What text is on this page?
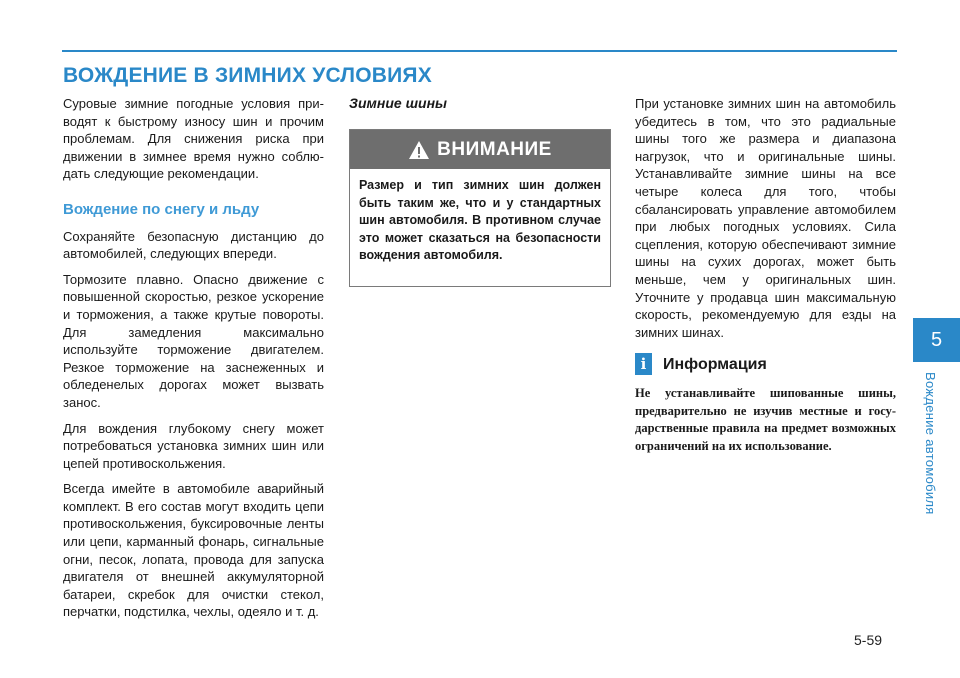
ВОЖДЕНИЕ В ЗИМНИХ УСЛОВИЯХ

Суровые зимние погодные условия приводят к быстрому износу шин и прочим проблемам. Для снижения риска при движении в зимнее время нужно соблюдать следующие рекомендации.

Вождение по снегу и льду

Сохраняйте безопасную дистанцию до автомобилей, следующих впереди.

Тормозите плавно. Опасно движение с повышенной скоростью, резкое ускорение и торможения, а также крутые повороты. Для замедления максимально используйте торможение двигателем. Резкое торможение на заснеженных и обледенелых дорогах может вызвать занос.

Для вождения глубокому снегу может потребоваться установка зимних шин или цепей противоскольжения.

Всегда имейте в автомобиле аварийный комплект. В его состав могут входить цепи противоскольжения, буксировочные ленты или цепи, карманный фонарь, сигнальные огни, песок, лопата, провода для запуска двигателя от внешней аккумуляторной батареи, скребок для очистки стекол, перчатки, подстилка, чехлы, одеяло и т. д.

Зимние шины
ВНИМАНИЕ
Размер и тип зимних шин должен быть таким же, что и у стандартных шин автомобиля. В противном случае это может сказаться на безопасности вождения автомобиля.

При установке зимних шин на автомобиль убедитесь в том, что это радиальные шины того же размера и диапазона нагрузок, что и оригинальные шины. Устанавливайте зимние шины на все четыре колеса для того, чтобы сбалансировать управление автомобилем при любых погодных условиях. Сила сцепления, которую обеспечивают зимние шины на сухих дорогах, может быть меньше, чем у оригинальных шин. Уточните у продавца шин максимальную скорость, рекомендуемую для езды на зимних шинах.

i	Информация
Не устанавливайте шипованные шины, предварительно не изучив местные и государственные правила на предмет возможных ограничений на их использование.
5
Вождение автомобиля
5-59
